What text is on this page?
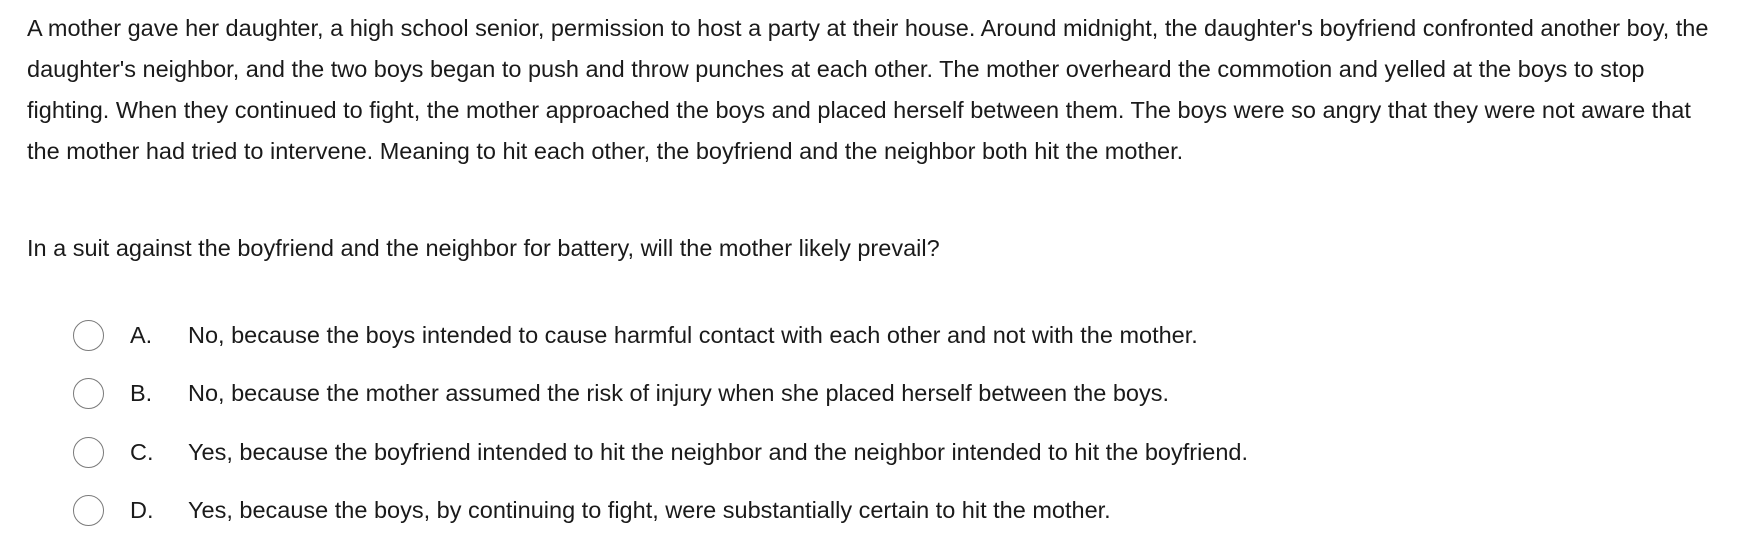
A mother gave her daughter, a high school senior, permission to host a party at their house. Around midnight, the daughter's boyfriend confronted another boy, the daughter's neighbor, and the two boys began to push and throw punches at each other. The mother overheard the commotion and yelled at the boys to stop fighting. When they continued to fight, the mother approached the boys and placed herself between them. The boys were so angry that they were not aware that the mother had tried to intervene. Meaning to hit each other, the boyfriend and the neighbor both hit the mother.

In a suit against the boyfriend and the neighbor for battery, will the mother likely prevail?

A.	No, because the boys intended to cause harmful contact with each other and not with the mother.
B.	No, because the mother assumed the risk of injury when she placed herself between the boys.
C.	Yes, because the boyfriend intended to hit the neighbor and the neighbor intended to hit the boyfriend.
D.	Yes, because the boys, by continuing to fight, were substantially certain to hit the mother.
